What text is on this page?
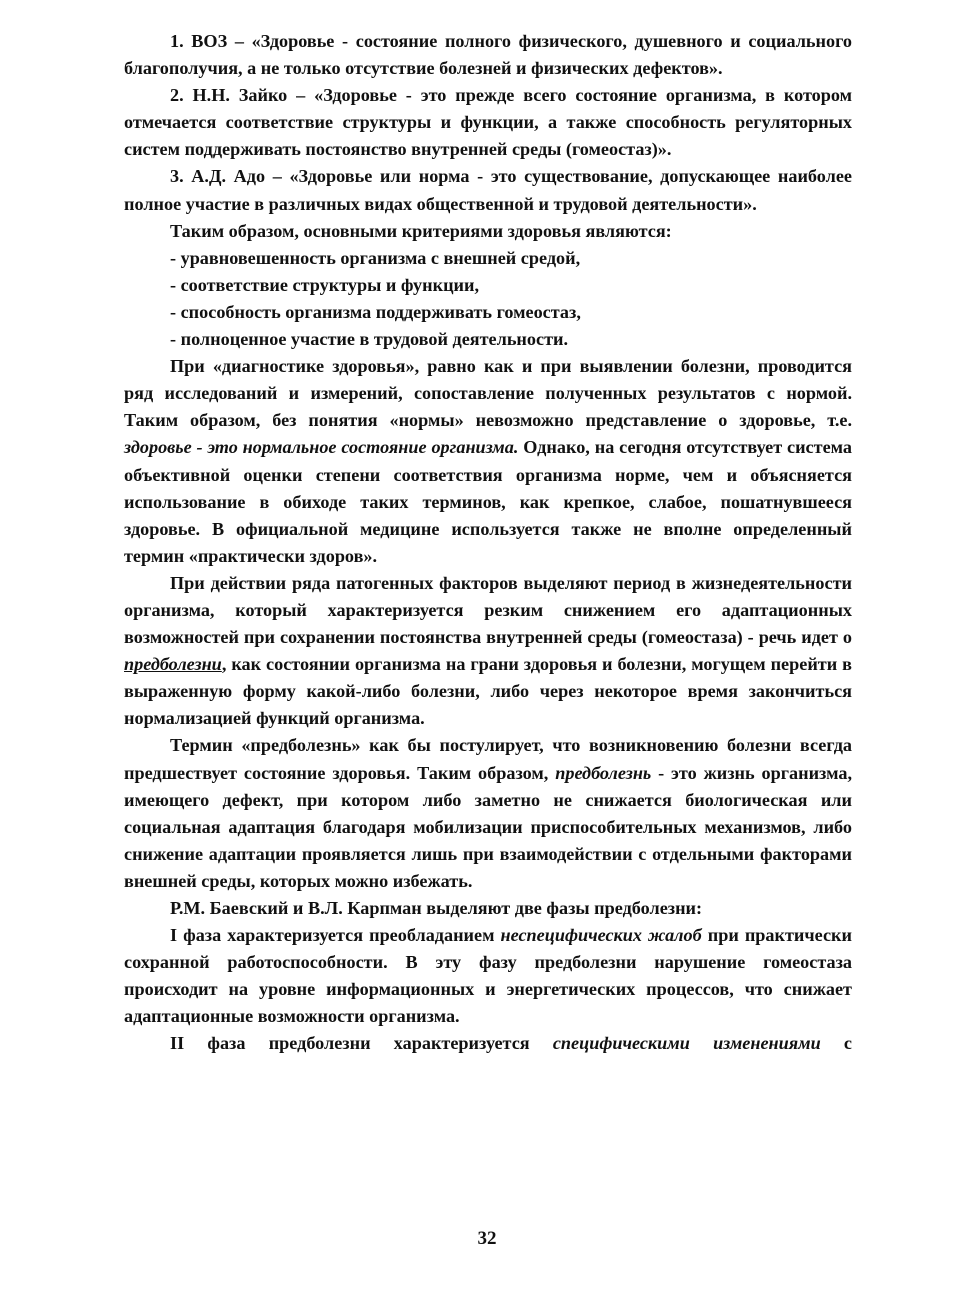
1. ВОЗ – «Здоровье - состояние полного физического, душевного и социального благополучия, а не только отсутствие болезней и физических дефектов».

2. Н.Н. Зайко – «Здоровье - это прежде всего состояние организма, в котором отмечается соответствие структуры и функции, а также способность регуляторных систем поддерживать постоянство внутренней среды (гомеостаз)».

3. А.Д. Адо – «Здоровье или норма - это существование, допускающее наиболее полное участие в различных видах общественной и трудовой деятельности».

Таким образом, основными критериями здоровья являются:

- уравновешенность организма с внешней средой,

- соответствие структуры и функции,

- способность организма поддерживать гомеостаз,

- полноценное участие в трудовой деятельности.

При «диагностике здоровья», равно как и при выявлении болезни, проводится ряд исследований и измерений, сопоставление полученных результатов с нормой. Таким образом, без понятия «нормы» невозможно представление о здоровье, т.е. здоровье - это нормальное состояние организма. Однако, на сегодня отсутствует система объективной оценки степени соответствия организма норме, чем и объясняется использование в обиходе таких терминов, как крепкое, слабое, пошатнувшееся здоровье. В официальной медицине используется также не вполне определенный термин «практически здоров».

При действии ряда патогенных факторов выделяют период в жизнедеятельности организма, который характеризуется резким снижением его адаптационных возможностей при сохранении постоянства внутренней среды (гомеостаза) - речь идет о предболезни, как состоянии организма на грани здоровья и болезни, могущем перейти в выраженную форму какой-либо болезни, либо через некоторое время закончиться нормализацией функций организма.

Термин «предболезнь» как бы постулирует, что возникновению болезни всегда предшествует состояние здоровья. Таким образом, предболезнь - это жизнь организма, имеющего дефект, при котором либо заметно не снижается биологическая или социальная адаптация благодаря мобилизации приспособительных механизмов, либо снижение адаптации проявляется лишь при взаимодействии с отдельными факторами внешней среды, которых можно избежать.

Р.М. Баевский и В.Л. Карпман выделяют две фазы предболезни:

I фаза характеризуется преобладанием неспецифических жалоб при практически сохранной работоспособности. В эту фазу предболезни нарушение гомеостаза происходит на уровне информационных и энергетических процессов, что снижает адаптационные возможности организма.

II фаза предболезни характеризуется специфическими изменениями с

32
